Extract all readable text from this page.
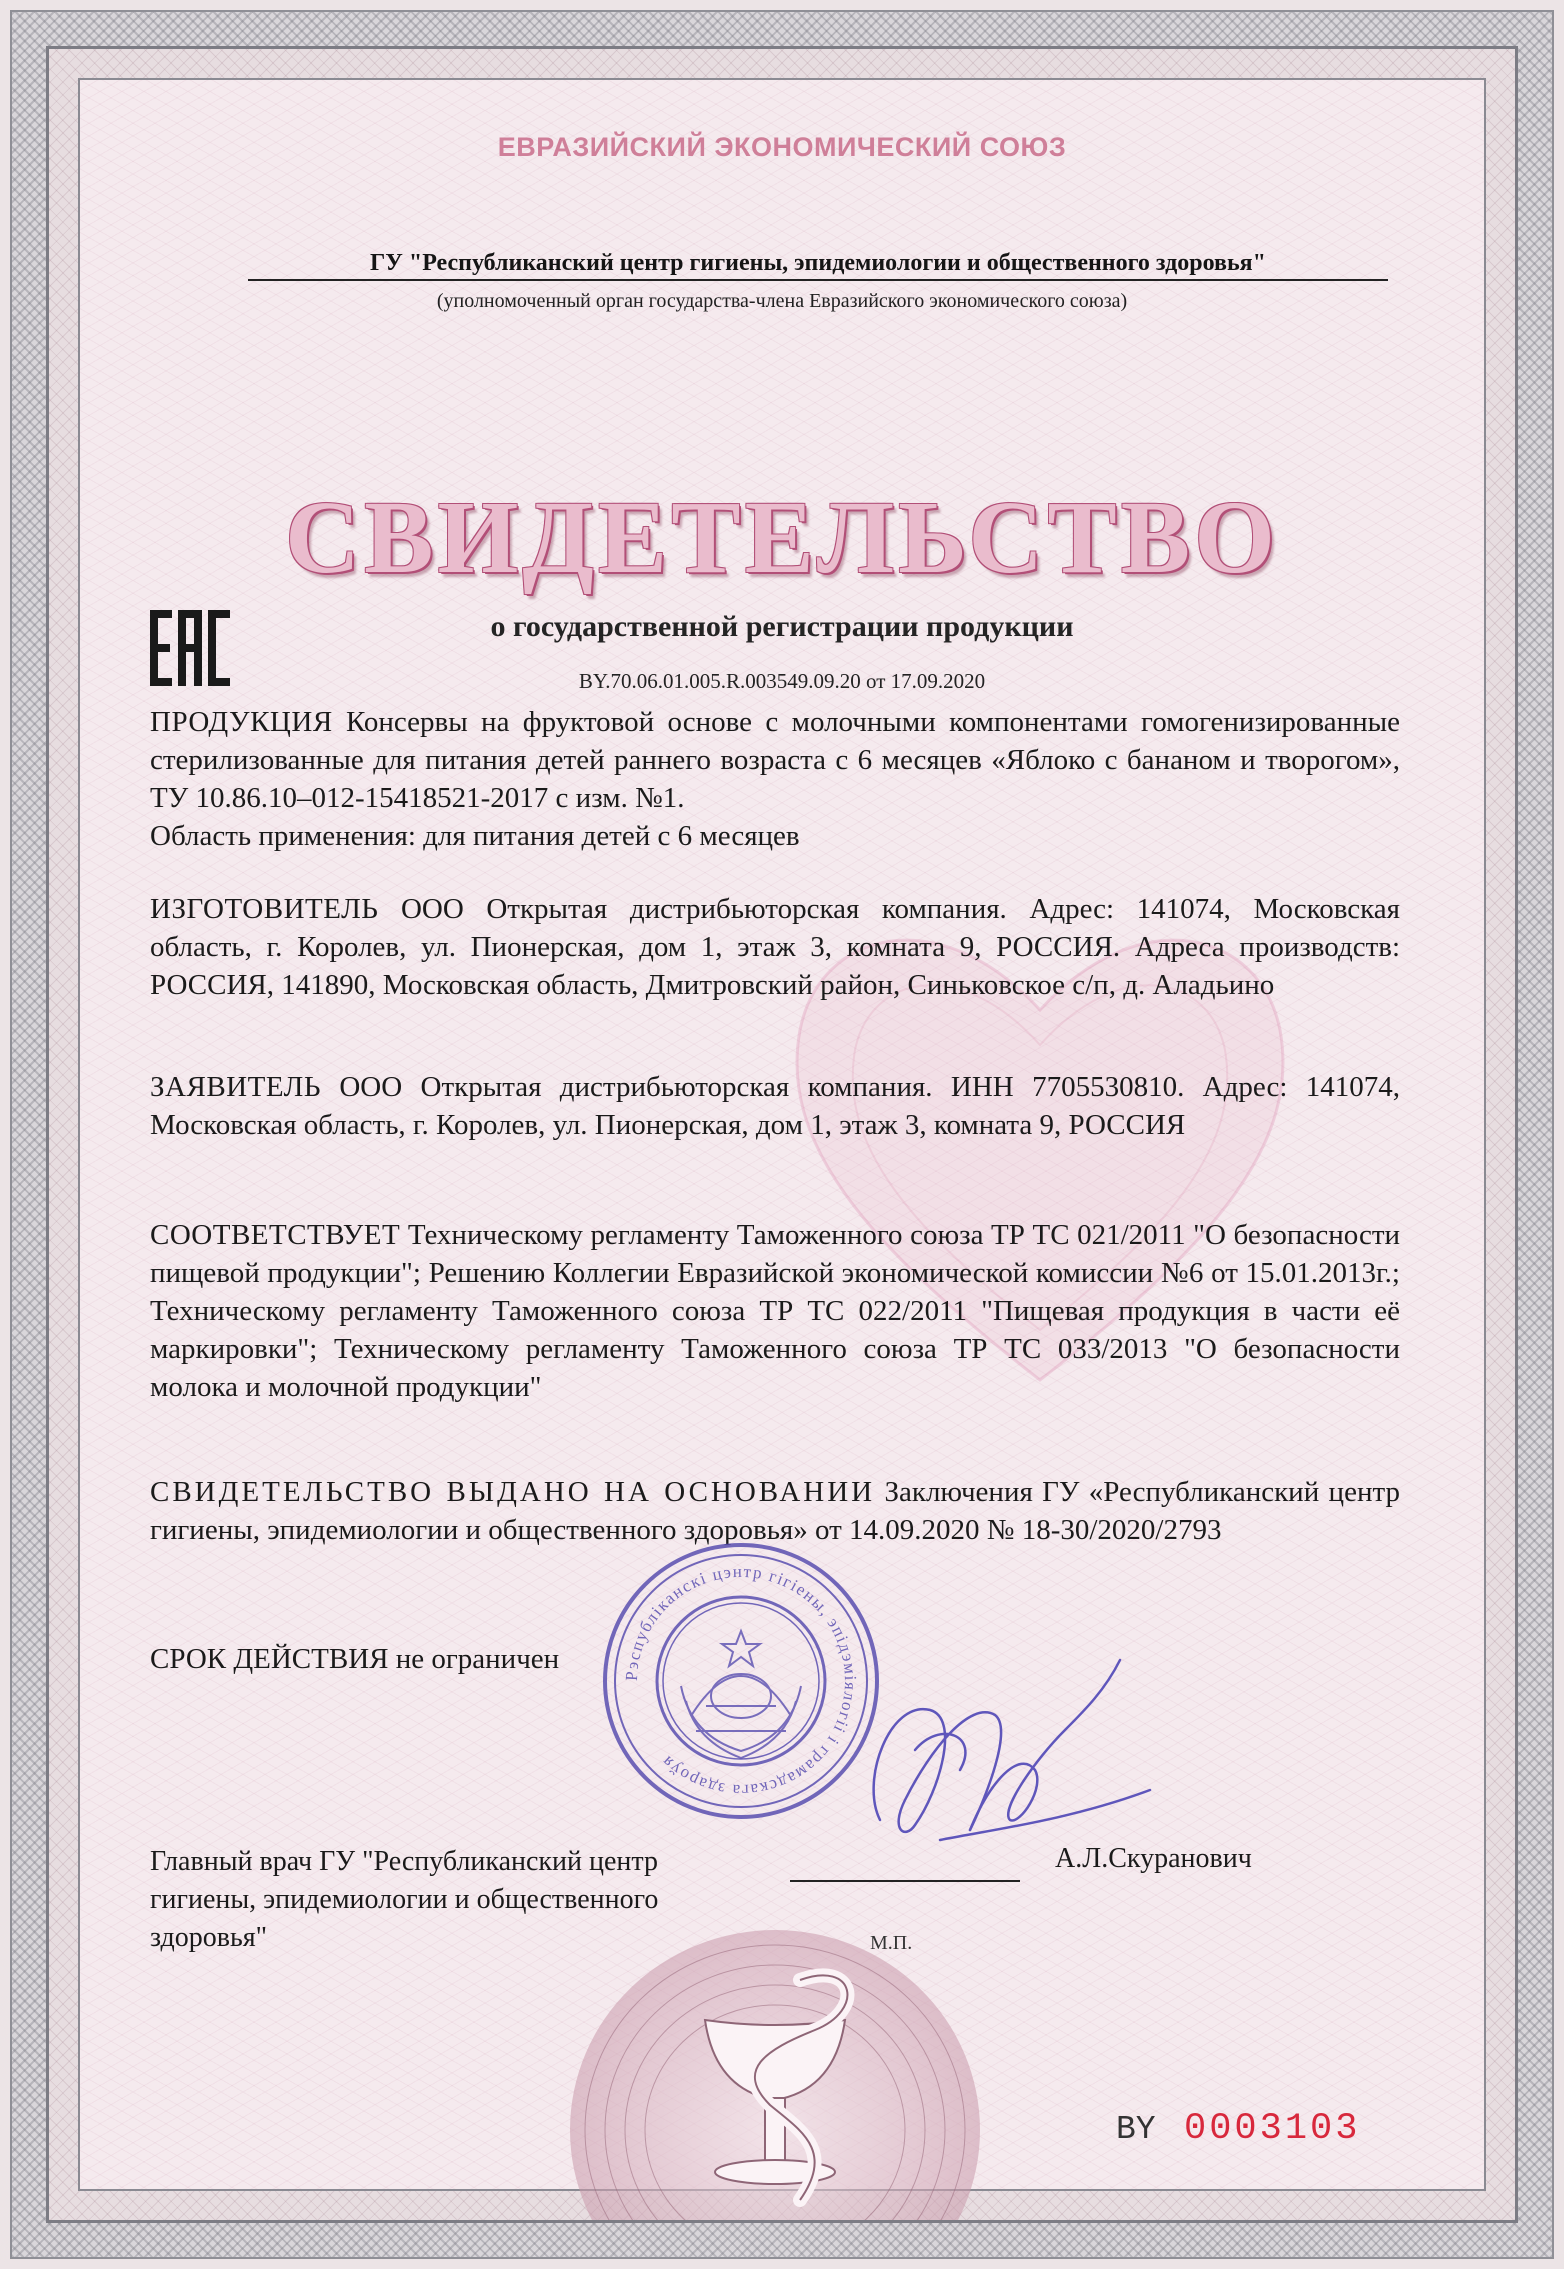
ЕВРАЗИЙСКИЙ ЭКОНОМИЧЕСКИЙ СОЮЗ
ГУ "Республиканский центр гигиены, эпидемиологии и общественного здоровья"
(уполномоченный орган государства-члена Евразийского экономического союза)
СВИДЕТЕЛЬСТВО
о государственной регистрации продукции
BY.70.06.01.005.R.003549.09.20 от 17.09.2020
ПРОДУКЦИЯ Консервы на фруктовой основе с молочными компонентами гомогенизированные стерилизованные для питания детей раннего возраста с 6 месяцев «Яблоко с бананом и творогом», ТУ 10.86.10–012-15418521-2017 с изм. №1.
Область применения: для питания детей с 6 месяцев
ИЗГОТОВИТЕЛЬ ООО Открытая дистрибьюторская компания. Адрес: 141074, Московская область, г. Королев, ул. Пионерская, дом 1, этаж 3, комната 9, РОССИЯ. Адреса производств: РОССИЯ, 141890, Московская область, Дмитровский район, Синьковское с/п, д. Аладьино
ЗАЯВИТЕЛЬ ООО Открытая дистрибьюторская компания. ИНН 7705530810. Адрес: 141074, Московская область, г. Королев, ул. Пионерская, дом 1, этаж 3, комната 9, РОССИЯ
СООТВЕТСТВУЕТ Техническому регламенту Таможенного союза ТР ТС 021/2011 "О безопасности пищевой продукции"; Решению Коллегии Евразийской экономической комиссии №6 от 15.01.2013г.; Техническому регламенту Таможенного союза ТР ТС 022/2011 "Пищевая продукция в части её маркировки"; Техническому регламенту Таможенного союза ТР ТС 033/2013 "О безопасности молока и молочной продукции"
СВИДЕТЕЛЬСТВО ВЫДАНО НА ОСНОВАНИИ Заключения ГУ «Республиканский центр гигиены, эпидемиологии и общественного здоровья» от 14.09.2020 № 18-30/2020/2793
СРОК ДЕЙСТВИЯ не ограничен
Главный врач ГУ "Республиканский центр гигиены, эпидемиологии и общественного здоровья"
А.Л.Скуранович
М.П.
Рэспублiканскi цэнтр гiгiены, эпiдэмiялогii i грамадскага здароўя
BY 0003103
